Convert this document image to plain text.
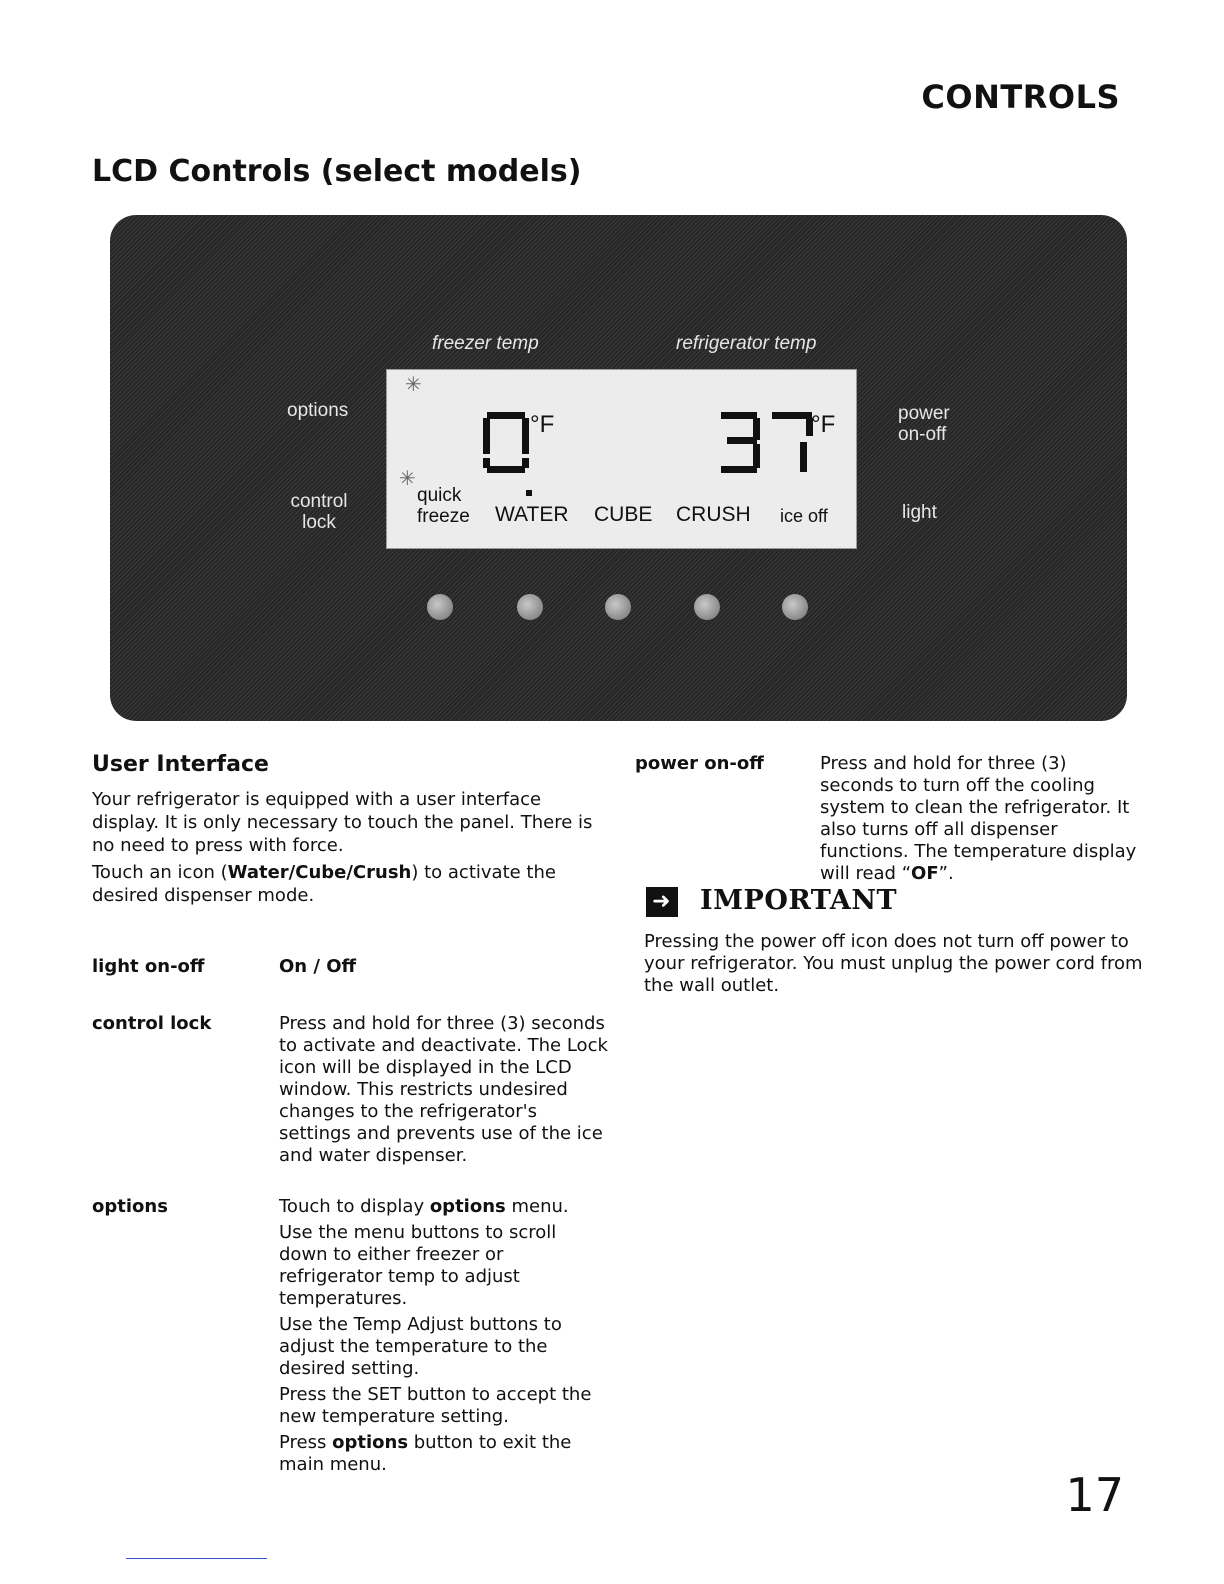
CONTROLS
LCD Controls (select models)
freezer temp	refrigerator temp
options
control
lock
power
on-off
light
✳
°F	°F
✳
quick
freeze WATER CUBE CRUSH ice off
User Interface

Your refrigerator is equipped with a user interface display. It is only necessary to touch the panel. There is no need to press with force.

Touch an icon (Water/Cube/Crush) to activate the desired dispenser mode.

light on-off	On / Off
control lock	Press and hold for three (3) seconds to activate and deactivate. The Lock icon will be displayed in the LCD window. This restricts undesired changes to the refrigerator's settings and prevents use of the ice and water dispenser.
options	Touch to display options menu.

Use the menu buttons to scroll down to either freezer or refrigerator temp to adjust temperatures.

Use the Temp Adjust buttons to adjust the temperature to the desired setting.

Press the SET button to accept the new temperature setting.

Press options button to exit the main menu.

power on-off	Press and hold for three (3) seconds to turn off the cooling system to clean the refrigerator. It also turns off all dispenser functions. The temperature display will read “OF”.
➜ IMPORTANT
Pressing the power off icon does not turn off power to your refrigerator. You must unplug the power cord from the wall outlet.
17
